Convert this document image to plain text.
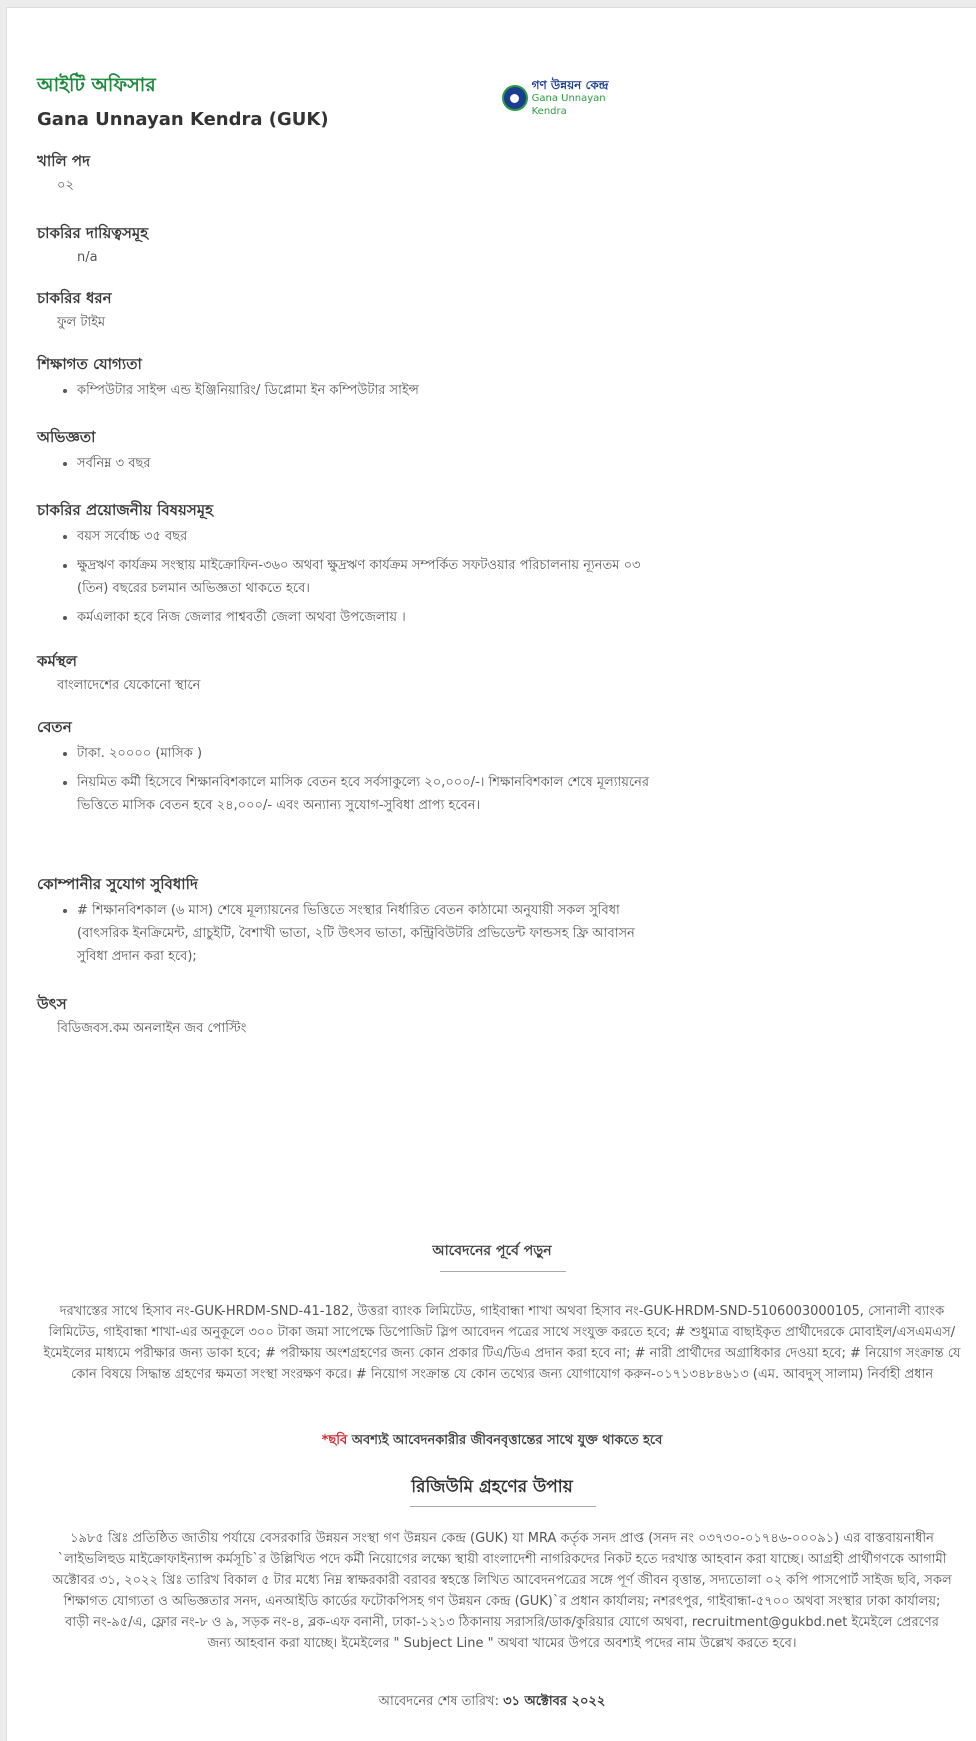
আইটি অফিসার
Gana Unnayan Kendra (GUK)
গণ উন্নয়ন কেন্দ্র
Gana Unnayan Kendra
খালি পদ
০২
চাকরির দায়িত্বসমূহ
n/a
চাকরির ধরন
ফুল টাইম
শিক্ষাগত যোগ্যতা
• কম্পিউটার সাইন্স এন্ড ইঞ্জিনিয়ারিং/ ডিপ্লোমা ইন কম্পিউটার সাইন্স
অভিজ্ঞতা
• সর্বনিম্ন ৩ বছর
চাকরির প্রয়োজনীয় বিষয়সমূহ
• বয়স সর্বোচ্চ ৩৫ বছর
• ক্ষুদ্রঋণ কার্যক্রম সংস্থায় মাইক্রোফিন-৩৬০ অথবা ক্ষুদ্রঋণ কার্যক্রম সম্পর্কিত সফটওয়ার পরিচালনায় ন্যূনতম ০৩ (তিন) বছরের চলমান অভিজ্ঞতা থাকতে হবে।
• কর্মএলাকা হবে নিজ জেলার পাশ্ববর্তী জেলা অথবা উপজেলায় ।
কর্মস্থল
বাংলাদেশের যেকোনো স্থানে
বেতন
• টাকা. ২০০০০ (মাসিক )
• নিয়মিত কর্মী হিসেবে শিক্ষানবিশকালে মাসিক বেতন হবে সর্বসাকুল্যে ২০,০০০/-। শিক্ষানবিশকাল শেষে মূল্যায়নের ভিত্তিতে মাসিক বেতন হবে ২৪,০০০/- এবং অন্যান্য সুযোগ-সুবিধা প্রাপ্য হবেন।
কোম্পানীর সুযোগ সুবিধাদি
• # শিক্ষানবিশকাল (৬ মাস) শেষে মূল্যায়নের ভিত্তিতে সংস্থার নির্ধারিত বেতন কাঠামো অনুযায়ী সকল সুবিধা (বাৎসরিক ইনক্রিমেন্ট, গ্রাচুইটি, বৈশাখী ভাতা, ২টি উৎসব ভাতা, কন্ট্রিবিউটরি প্রভিডেন্ট ফান্ডসহ ফ্রি আবাসন সুবিধা প্রদান করা হবে);
উৎস
বিডিজবস.কম অনলাইন জব পোস্টিং
আবেদনের পূর্বে পড়ুন
দরখাস্তের সাথে হিসাব নং-GUK-HRDM-SND-41-182, উত্তরা ব্যাংক লিমিটেড, গাইবান্ধা শাখা অথবা হিসাব নং-GUK-HRDM-SND-5106003000105, সোনালী ব্যাংক লিমিটেড, গাইবান্ধা শাখা-এর অনুকূলে ৩০০ টাকা জমা সাপেক্ষে ডিপোজিট স্লিপ আবেদন পত্রের সাথে সংযুক্ত করতে হবে; # শুধুমাত্র বাছাইকৃত প্রার্থীদেরকে মোবাইল/এসএমএস/ইমেইলের মাধ্যমে পরীক্ষার জন্য ডাকা হবে; # পরীক্ষায় অংশগ্রহণের জন্য কোন প্রকার টিএ/ডিএ প্রদান করা হবে না; # নারী প্রার্থীদের অগ্রাধিকার দেওয়া হবে; # নিয়োগ সংক্রান্ত যে কোন বিষয়ে সিদ্ধান্ত গ্রহণের ক্ষমতা সংস্থা সংরক্ষণ করে। # নিয়োগ সংক্রান্ত যে কোন তথ্যের জন্য যোগাযোগ করুন-০১৭১৩৪৮৪৬১৩ (এম. আবদুস্ সালাম) নির্বাহী প্রধান
*ছবি অবশ্যই আবেদনকারীর জীবনবৃত্তান্তের সাথে যুক্ত থাকতে হবে
রিজিউমি গ্রহণের উপায়
১৯৮৫ খ্রিঃ প্রতিষ্ঠিত জাতীয় পর্যায়ে বেসরকারি উন্নয়ন সংস্থা গণ উন্নয়ন কেন্দ্র (GUK) যা MRA কর্তৃক সনদ প্রাপ্ত (সনদ নং ০৩৭৩০-০১৭৪৬-০০০৯১) এর বাস্তবায়নাধীন `লাইভলিহুড মাইক্রোফাইন্যান্স কর্মসূচি`র উল্লিখিত পদে কর্মী নিয়োগের লক্ষ্যে স্থায়ী বাংলাদেশী নাগরিকদের নিকট হতে দরখাস্ত আহবান করা যাচ্ছে। আগ্রহী প্রার্থীগণকে আগামী অক্টোবর ৩১, ২০২২ খ্রিঃ তারিখ বিকাল ৫ টার মধ্যে নিম্ন স্বাক্ষরকারী বরাবর স্বহস্তে লিখিত আবেদনপত্রের সঙ্গে পূর্ণ জীবন বৃত্তান্ত, সদ্যতোলা ০২ কপি পাসপোর্ট সাইজ ছবি, সকল শিক্ষাগত যোগ্যতা ও অভিজ্ঞতার সনদ, এনআইডি কার্ডের ফটোকপিসহ গণ উন্নয়ন কেন্দ্র (GUK)`র প্রধান কার্যালয়; নশরৎপুর, গাইবান্ধা-৫৭০০ অথবা সংস্থার ঢাকা কার্যালয়; বাড়ী নং-৯৫/এ, ফ্লোর নং-৮ ও ৯, সড়ক নং-৪, ব্লক-এফ বনানী, ঢাকা-১২১৩ ঠিকানায় সরাসরি/ডাক/কুরিয়ার যোগে অথবা, recruitment@gukbd.net ইমেইলে প্রেরণের জন্য আহবান করা যাচ্ছে। ইমেইলের " Subject Line " অথবা খামের উপরে অবশ্যই পদের নাম উল্লেখ করতে হবে।
আবেদনের শেষ তারিখ: ৩১ অক্টোবর ২০২২
